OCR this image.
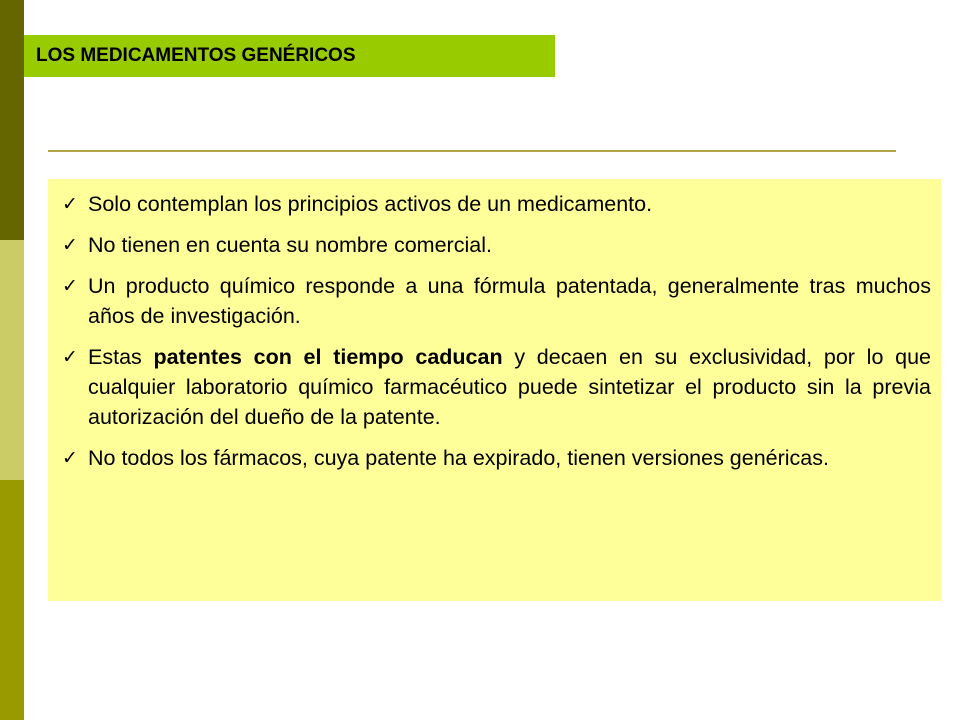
LOS MEDICAMENTOS GENÉRICOS
✓ Solo contemplan los principios activos de un medicamento.
✓ No tienen en cuenta su nombre comercial.
✓ Un producto químico responde a una fórmula patentada, generalmente tras muchos años de investigación.
✓ Estas patentes con el tiempo caducan y decaen en su exclusividad, por lo que cualquier laboratorio químico farmacéutico puede sintetizar el producto sin la previa autorización del dueño de la patente.
✓ No todos los fármacos, cuya patente ha expirado, tienen versiones genéricas.
